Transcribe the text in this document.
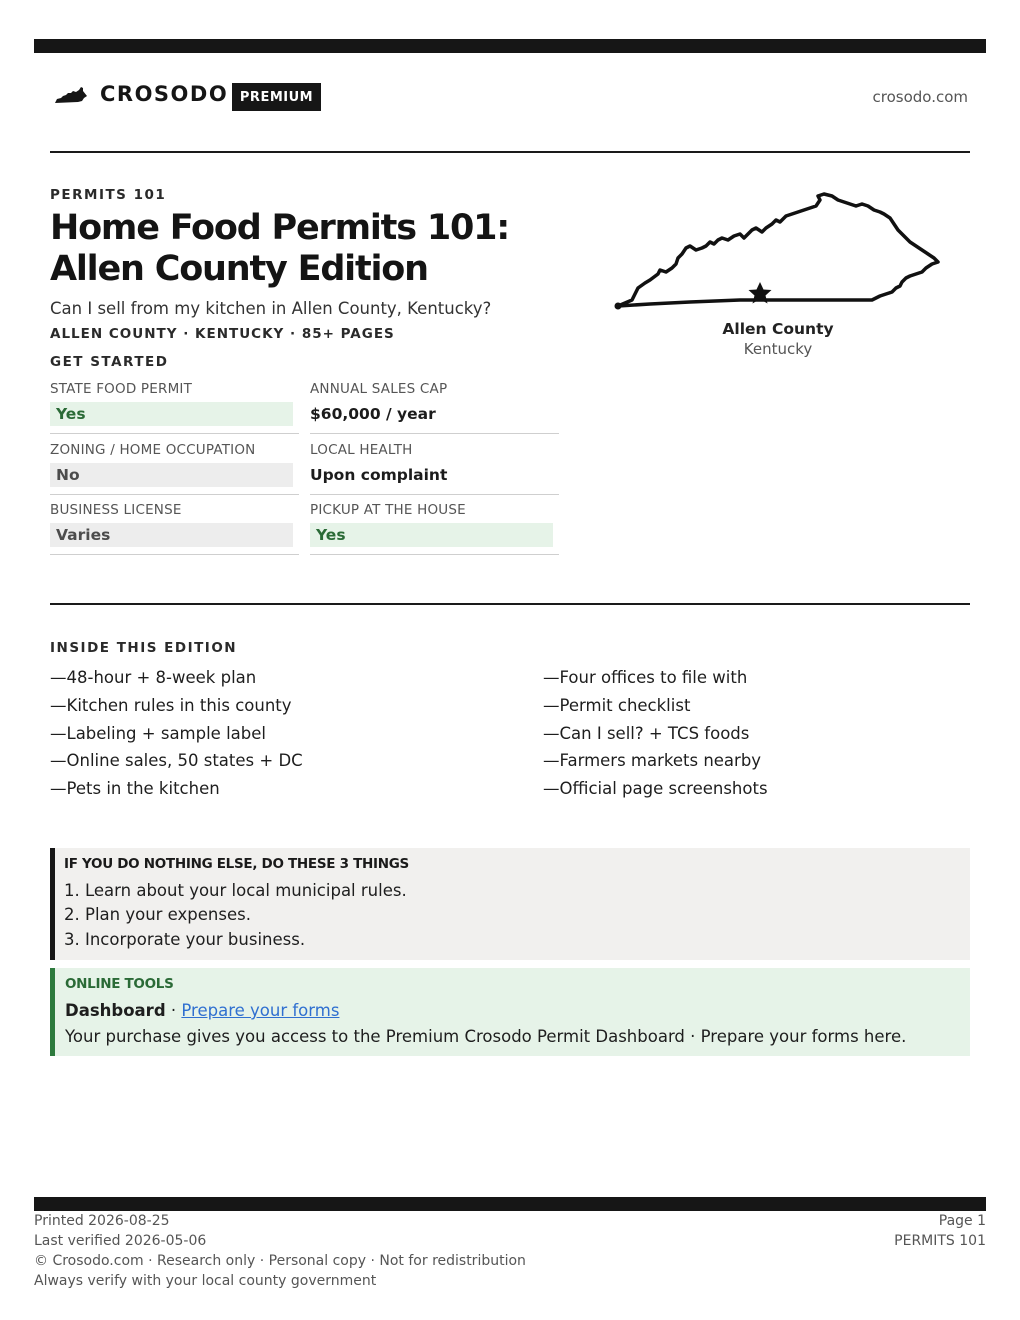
CROSODO PREMIUM	crosodo.com
PERMITS 101
Home Food Permits 101: Allen County Edition
Can I sell from my kitchen in Allen County, Kentucky?
ALLEN COUNTY · KENTUCKY · 85+ PAGES
GET STARTED
STATE FOOD PERMIT
Yes
ANNUAL SALES CAP
$60,000 / year
ZONING / HOME OCCUPATION
No
LOCAL HEALTH
Upon complaint
BUSINESS LICENSE
Varies
PICKUP AT THE HOUSE
Yes
Allen County
Kentucky
INSIDE THIS EDITION
—48-hour + 8-week plan
—Kitchen rules in this county
—Labeling + sample label
—Online sales, 50 states + DC
—Pets in the kitchen
—Four offices to file with
—Permit checklist
—Can I sell? + TCS foods
—Farmers markets nearby
—Official page screenshots
IF YOU DO NOTHING ELSE, DO THESE 3 THINGS
1. Learn about your local municipal rules.
2. Plan your expenses.
3. Incorporate your business.
ONLINE TOOLS
Dashboard · Prepare your forms
Your purchase gives you access to the Premium Crosodo Permit Dashboard · Prepare your forms here.
Printed 2026-08-25
Last verified 2026-05-06
© Crosodo.com · Research only · Personal copy · Not for redistribution
Always verify with your local county government
Page 1
PERMITS 101
